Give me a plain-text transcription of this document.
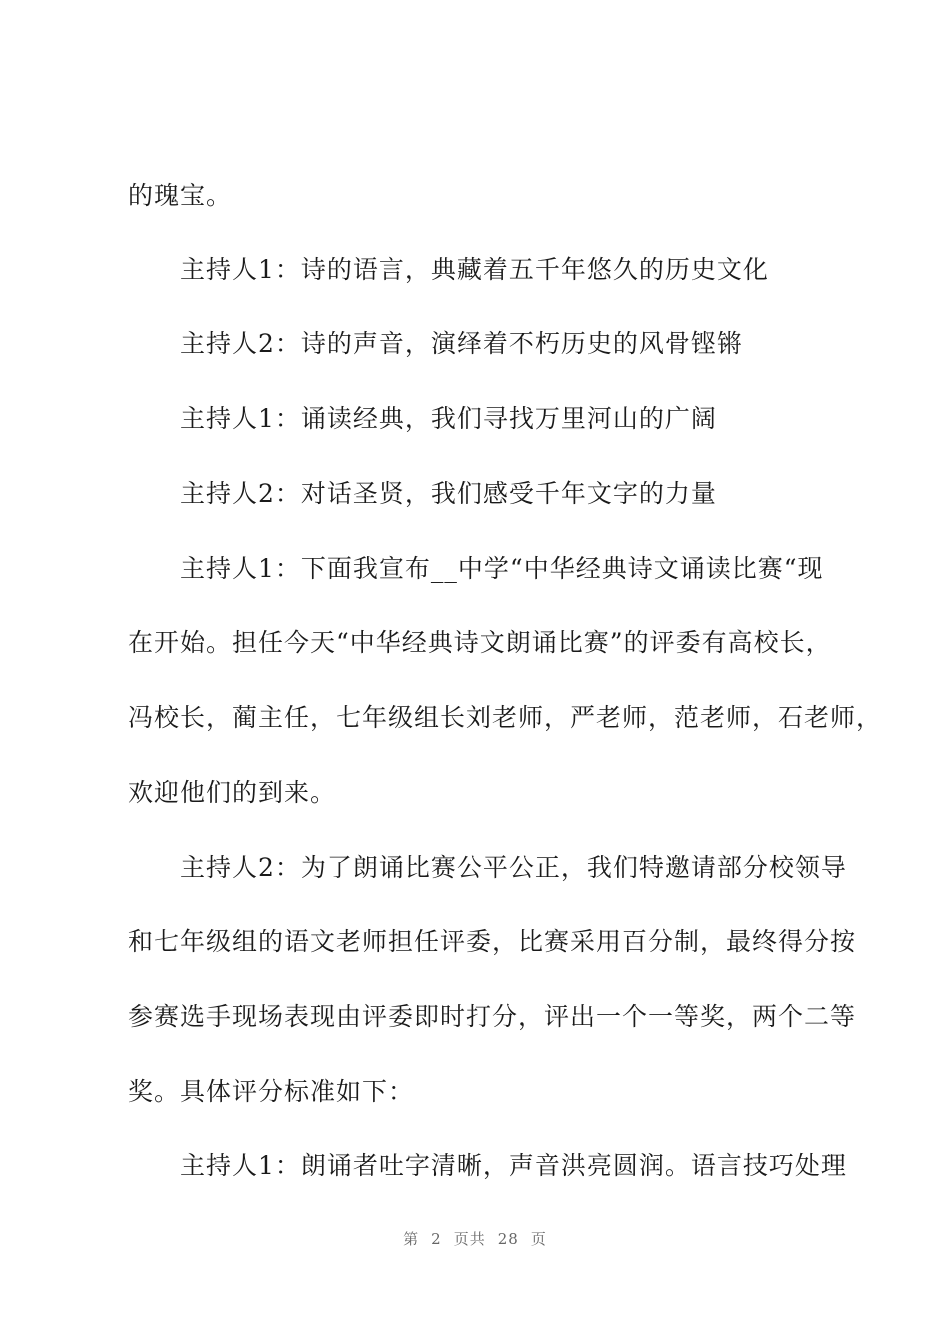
的瑰宝。
主持人1：诗的语言，典藏着五千年悠久的历史文化
主持人2：诗的声音，演绎着不朽历史的风骨铿锵
主持人1：诵读经典，我们寻找万里河山的广阔
主持人2：对话圣贤，我们感受千年文字的力量
主持人1：下面我宣布__中学“中华经典诗文诵读比赛“现
在开始。担任今天“中华经典诗文朗诵比赛”的评委有高校长，
冯校长，蔺主任，七年级组长刘老师，严老师，范老师，石老师，
欢迎他们的到来。
主持人2：为了朗诵比赛公平公正，我们特邀请部分校领导
和七年级组的语文老师担任评委，比赛采用百分制，最终得分按
参赛选手现场表现由评委即时打分，评出一个一等奖，两个二等
奖。具体评分标准如下：
主持人1：朗诵者吐字清晰，声音洪亮圆润。语言技巧处理
第 2 页共 28 页
